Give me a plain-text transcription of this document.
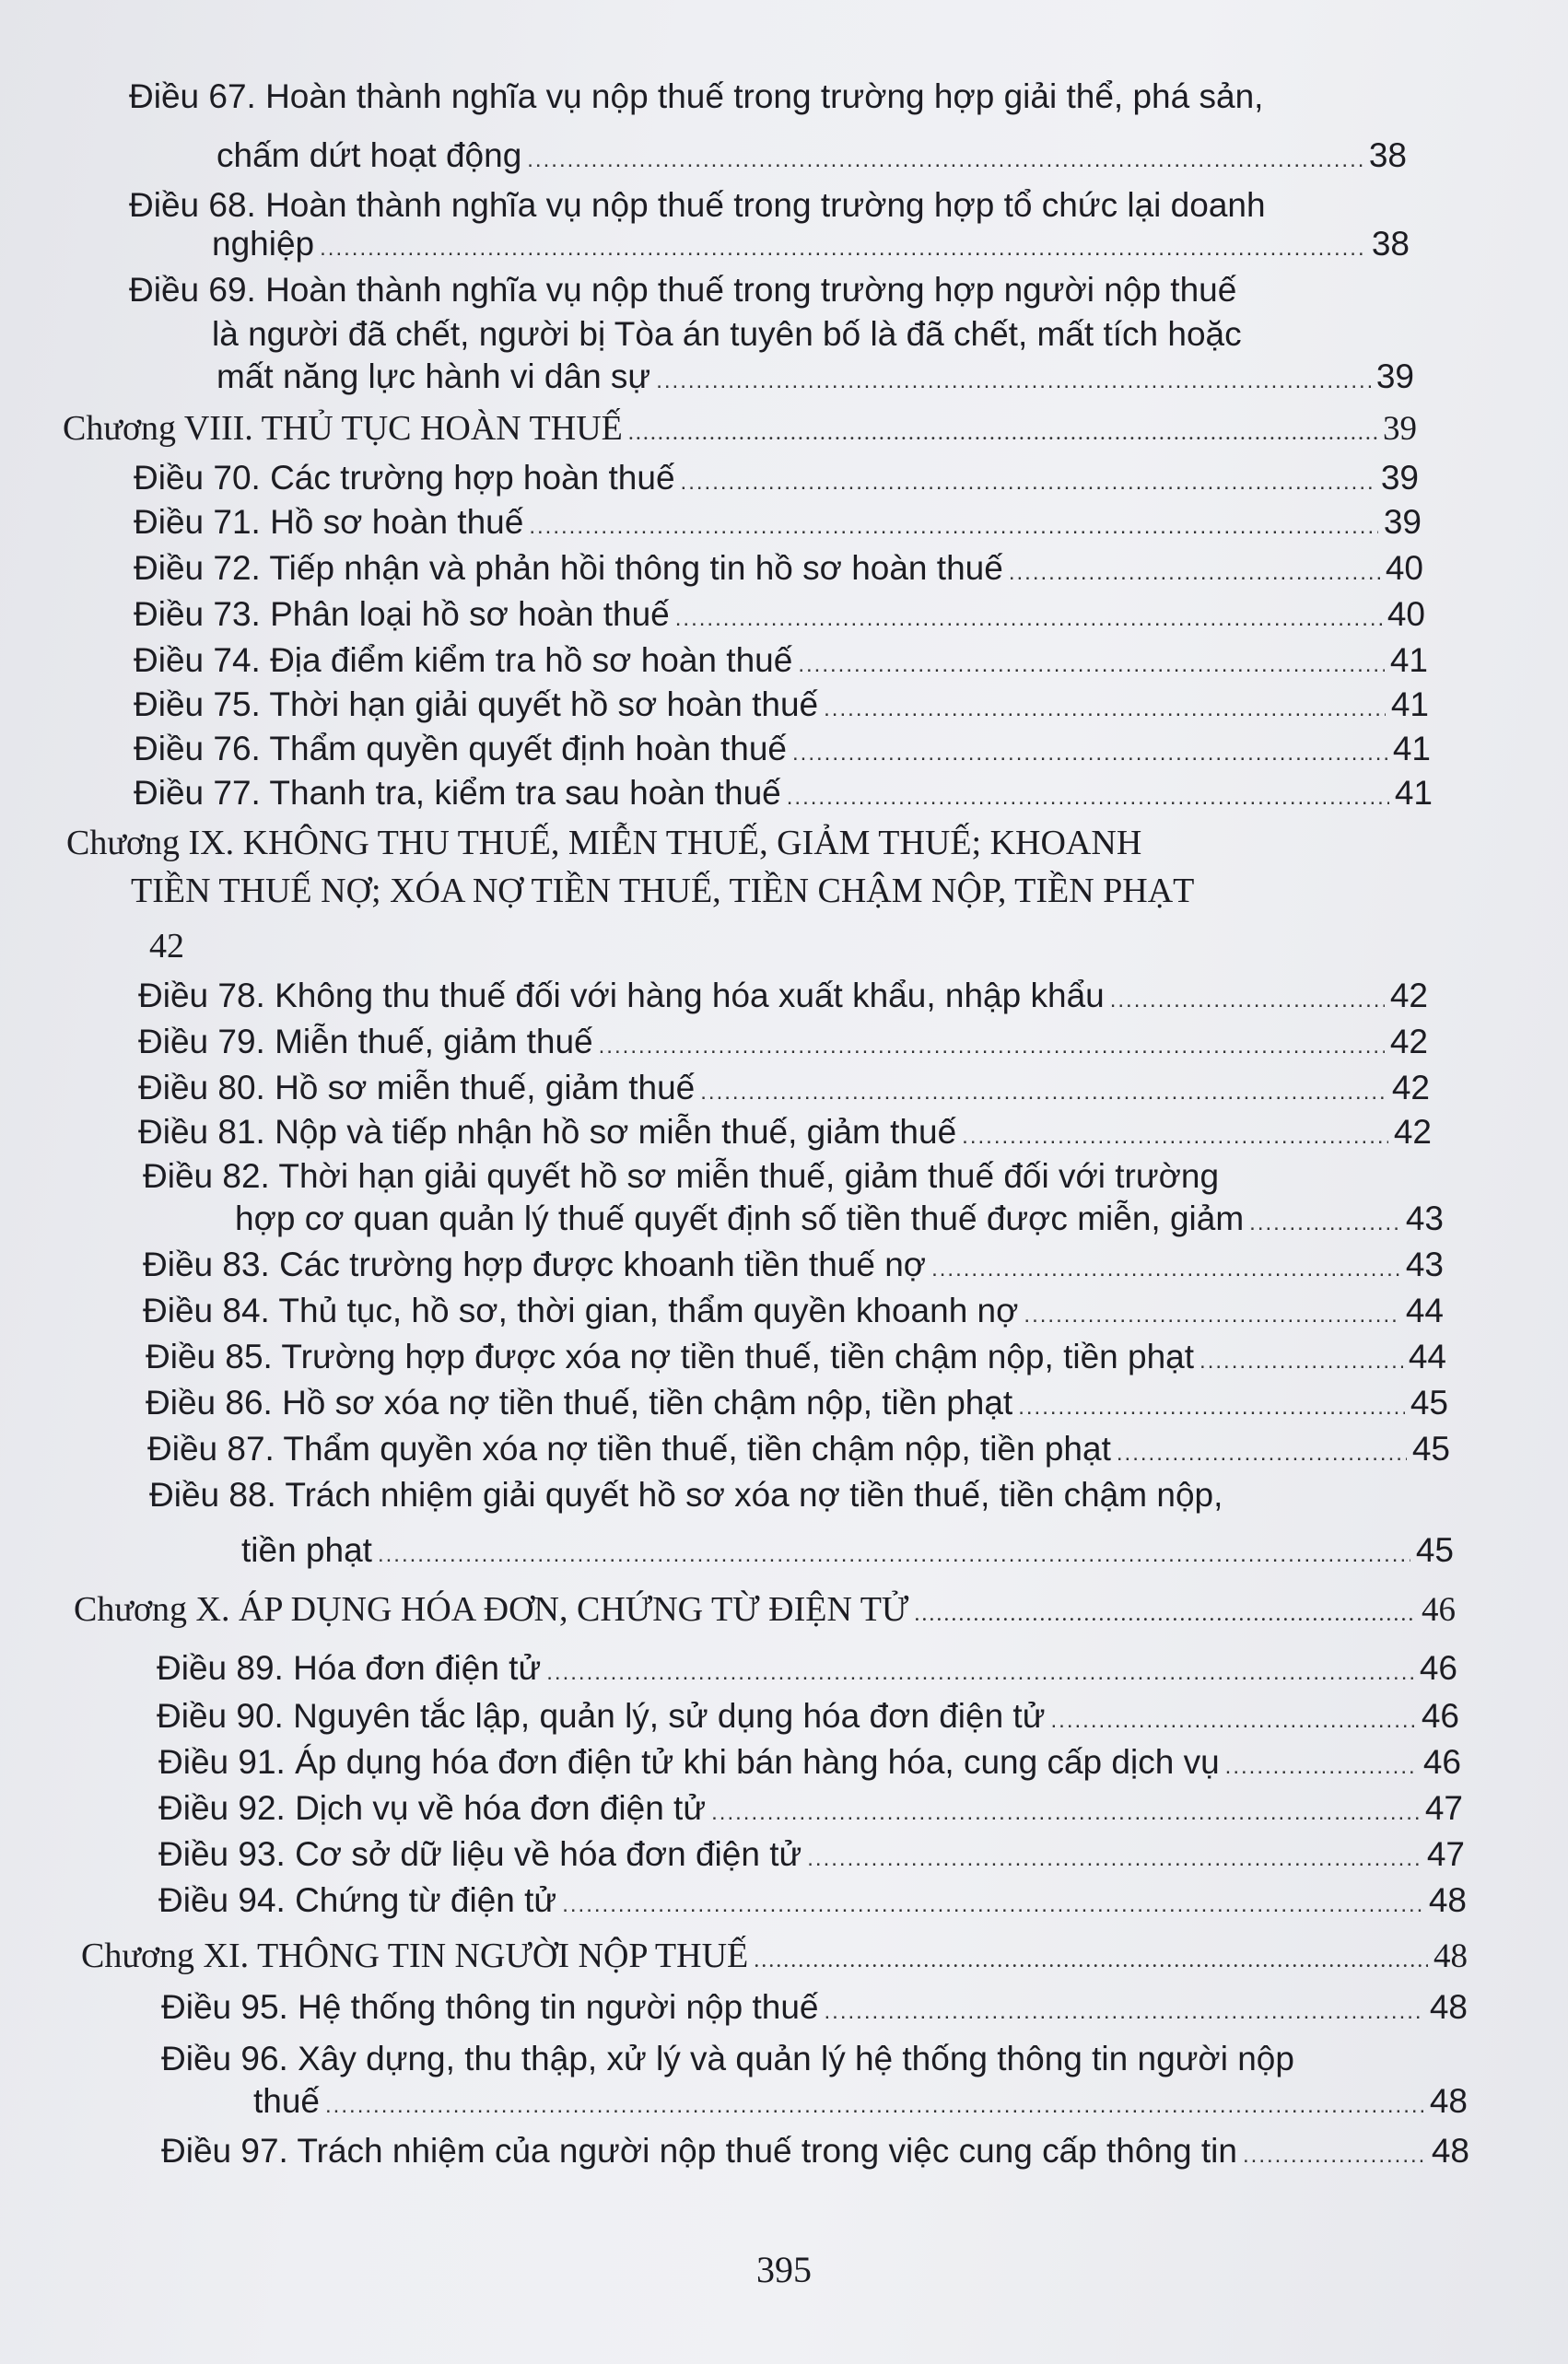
Điều 67. Hoàn thành nghĩa vụ nộp thuế trong trường hợp giải thể, phá sản,
chấm dứt hoạt động .....	38
Điều 68. Hoàn thành nghĩa vụ nộp thuế trong trường hợp tổ chức lại doanh
nghiệp .....	38
Điều 69. Hoàn thành nghĩa vụ nộp thuế trong trường hợp người nộp thuế
là người đã chết, người bị Tòa án tuyên bố là đã chết, mất tích hoặc
mất năng lực hành vi dân sự .....	39
Chương VIII. THỦ TỤC HOÀN THUẾ .....	39
Điều 70. Các trường hợp hoàn thuế .....	39
Điều 71. Hồ sơ hoàn thuế .....	39
Điều 72. Tiếp nhận và phản hồi thông tin hồ sơ hoàn thuế .....	40
Điều 73. Phân loại hồ sơ hoàn thuế .....	40
Điều 74. Địa điểm kiểm tra hồ sơ hoàn thuế .....	41
Điều 75. Thời hạn giải quyết hồ sơ hoàn thuế .....	41
Điều 76. Thẩm quyền quyết định hoàn thuế .....	41
Điều 77. Thanh tra, kiểm tra sau hoàn thuế .....	41
Chương IX. KHÔNG THU THUẾ, MIỄN THUẾ, GIẢM THUẾ; KHOANH
TIỀN THUẾ NỢ; XÓA NỢ TIỀN THUẾ, TIỀN CHẬM NỘP, TIỀN PHẠT
42
Điều 78. Không thu thuế đối với hàng hóa xuất khẩu, nhập khẩu .....	42
Điều 79. Miễn thuế, giảm thuế .....	42
Điều 80. Hồ sơ miễn thuế, giảm thuế .....	42
Điều 81. Nộp và tiếp nhận hồ sơ miễn thuế, giảm thuế .....	42
Điều 82. Thời hạn giải quyết hồ sơ miễn thuế, giảm thuế đối với trường
hợp cơ quan quản lý thuế quyết định số tiền thuế được miễn, giảm .....	43
Điều 83. Các trường hợp được khoanh tiền thuế nợ .....	43
Điều 84. Thủ tục, hồ sơ, thời gian, thẩm quyền khoanh nợ .....	44
Điều 85. Trường hợp được xóa nợ tiền thuế, tiền chậm nộp, tiền phạt .....	44
Điều 86. Hồ sơ xóa nợ tiền thuế, tiền chậm nộp, tiền phạt .....	45
Điều 87. Thẩm quyền xóa nợ tiền thuế, tiền chậm nộp, tiền phạt .....	45
Điều 88. Trách nhiệm giải quyết hồ sơ xóa nợ tiền thuế, tiền chậm nộp,
tiền phạt .....	45
Chương X. ÁP DỤNG HÓA ĐƠN, CHỨNG TỪ ĐIỆN TỬ .....	46
Điều 89. Hóa đơn điện tử .....	46
Điều 90. Nguyên tắc lập, quản lý, sử dụng hóa đơn điện tử .....	46
Điều 91. Áp dụng hóa đơn điện tử khi bán hàng hóa, cung cấp dịch vụ .....	46
Điều 92. Dịch vụ về hóa đơn điện tử .....	47
Điều 93. Cơ sở dữ liệu về hóa đơn điện tử .....	47
Điều 94. Chứng từ điện tử .....	48
Chương XI. THÔNG TIN NGƯỜI NỘP THUẾ .....	48
Điều 95. Hệ thống thông tin người nộp thuế .....	48
Điều 96. Xây dựng, thu thập, xử lý và quản lý hệ thống thông tin người nộp
thuế .....	48
Điều 97. Trách nhiệm của người nộp thuế trong việc cung cấp thông tin .....	48
395
